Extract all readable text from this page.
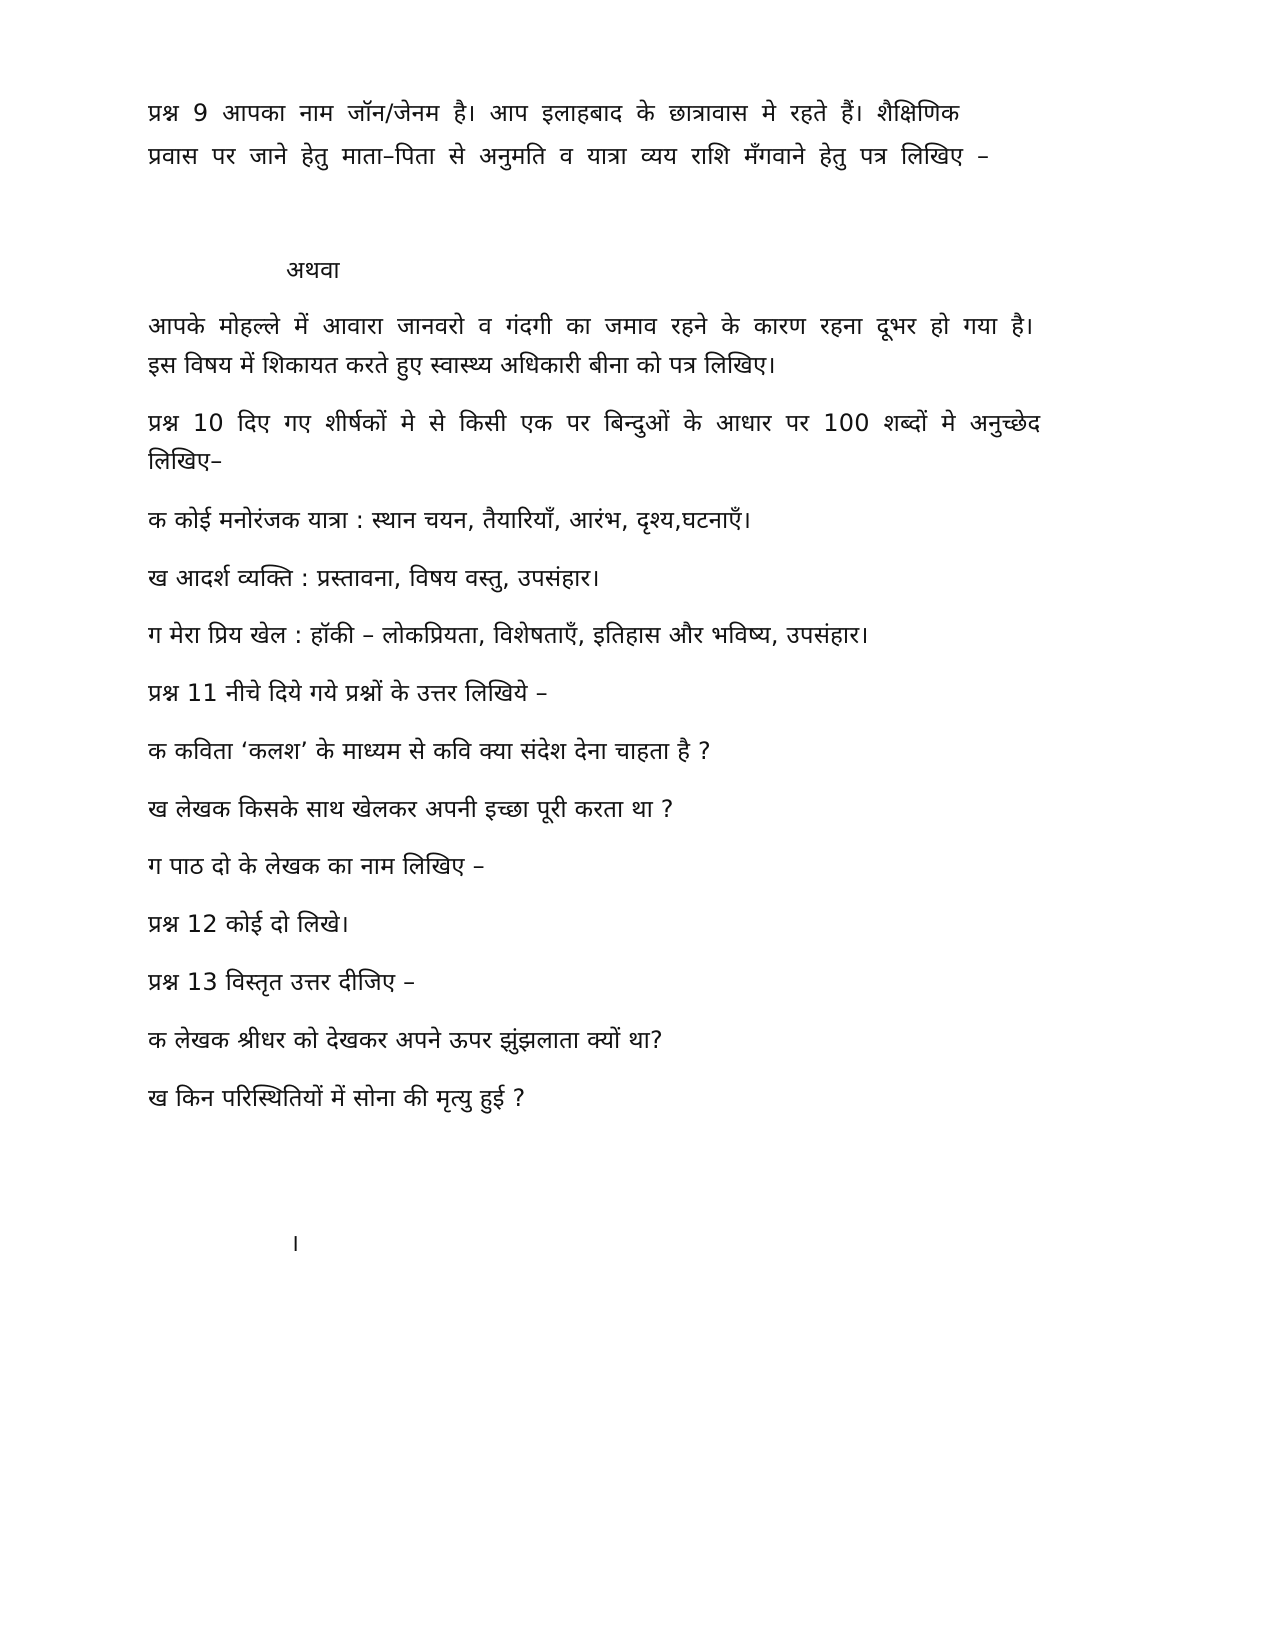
प्रश्न 9 आपका नाम जॉन/जेनम है। आप इलाहबाद के छात्रावास मे रहते हैं। शैक्षिणिक
प्रवास पर जाने हेतु माता–पिता से अनुमति व यात्रा व्यय राशि मँगवाने हेतु पत्र लिखिए –
अथवा
आपके मोहल्ले में आवारा जानवरो व गंदगी का जमाव रहने के कारण रहना दूभर हो गया है।
इस विषय में शिकायत करते हुए स्वास्थ्य अधिकारी बीना को पत्र लिखिए।
प्रश्न 10 दिए गए शीर्षकों मे से किसी एक पर बिन्दुओं के आधार पर 100 शब्दों मे अनुच्छेद
लिखिए–
क कोई मनोरंजक यात्रा : स्थान चयन, तैयारियाँ, आरंभ, दृश्य,घटनाएँ।
ख आदर्श व्यक्ति : प्रस्तावना, विषय वस्तु, उपसंहार।
ग मेरा प्रिय खेल : हॉकी – लोकप्रियता, विशेषताएँ, इतिहास और भविष्य, उपसंहार।
प्रश्न 11 नीचे दिये गये प्रश्नों के उत्तर लिखिये –
क कविता ‘कलश’ के माध्यम से कवि क्या संदेश देना चाहता है ?
ख लेखक किसके साथ खेलकर अपनी इच्छा पूरी करता था ?
ग पाठ दो के लेखक का नाम लिखिए –
प्रश्न 12 कोई दो लिखे।
प्रश्न 13 विस्तृत उत्तर दीजिए –
क लेखक श्रीधर को देखकर अपने ऊपर झुंझलाता क्यों था?
ख किन परिस्थितियों में सोना की मृत्यु हुई ?
।
